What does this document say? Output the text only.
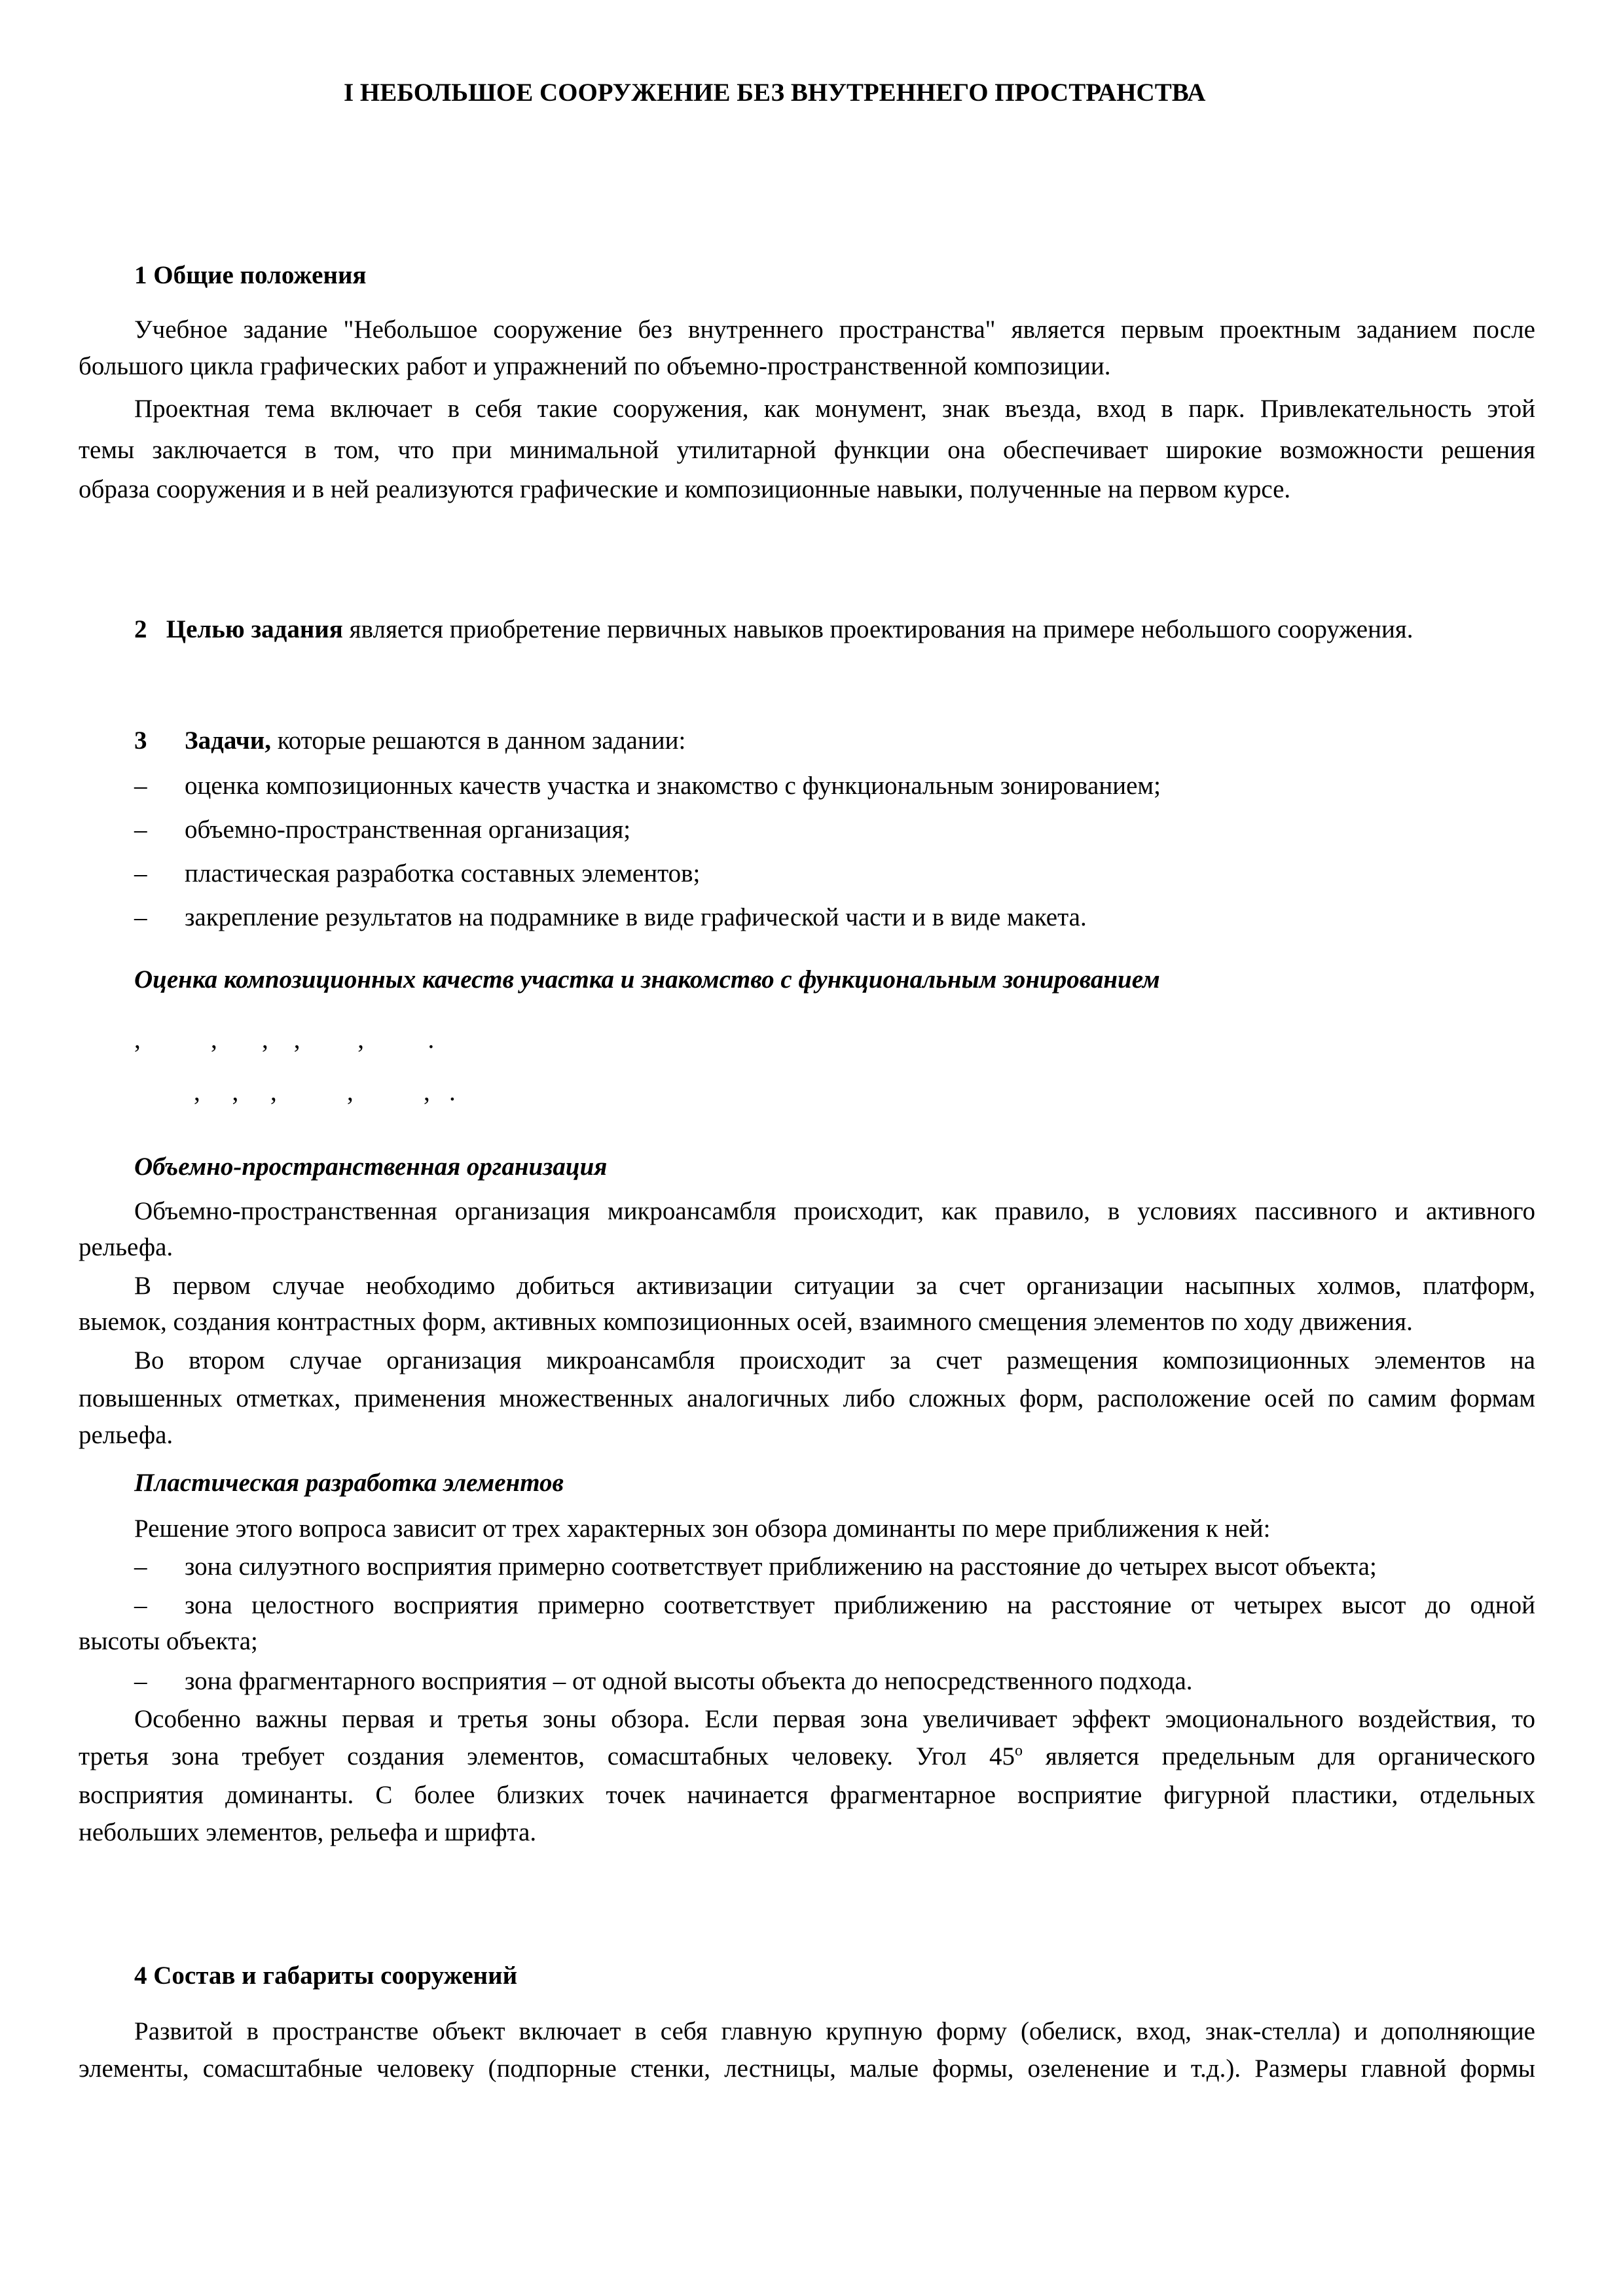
I НЕБОЛЬШОЕ СООРУЖЕНИЕ БЕЗ ВНУТРЕННЕГО ПРОСТРАНСТВА
1 Общие положения
Учебное задание "Небольшое сооружение без внутреннего пространства" является первым проектным заданием после
большого цикла графических работ и упражнений по объемно-пространственной композиции.
Проектная тема включает в себя такие сооружения, как монумент, знак въезда, вход в парк. Привлекательность этой
темы заключается в том, что при минимальной утилитарной функции она обеспечивает широкие возможности решения
образа сооружения и в ней реализуются графические и композиционные навыки, полученные на первом курсе.
2 Целью задания является приобретение первичных навыков проектирования на примере небольшого сооружения.
3 Задачи, которые решаются в данном задании:
– оценка композиционных качеств участка и знакомство с функциональным зонированием;
– объемно-пространственная организация;
– пластическая разработка составных элементов;
– закрепление результатов на подрамнике в виде графической части и в виде макета.
Оценка композиционных качеств участка и знакомство с функциональным зонированием
,           ,       ,    ,         ,          .
,     ,     ,           ,           ,   .
Объемно-пространственная организация
Объемно-пространственная организация микроансамбля происходит, как правило, в условиях пассивного и активного
рельефа.
В первом случае необходимо добиться активизации ситуации за счет организации насыпных холмов, платформ,
выемок, создания контрастных форм, активных композиционных осей, взаимного смещения элементов по ходу движения.
Во втором случае организация микроансамбля происходит за счет размещения композиционных элементов на
повышенных отметках, применения множественных аналогичных либо сложных форм, расположение осей по самим формам
рельефа.
Пластическая разработка элементов
Решение этого вопроса зависит от трех характерных зон обзора доминанты по мере приближения к ней:
– зона силуэтного восприятия примерно соответствует приближению на расстояние до четырех высот объекта;
– зона целостного восприятия примерно соответствует приближению на расстояние от четырех высот до одной
высоты объекта;
– зона фрагментарного восприятия – от одной высоты объекта до непосредственного подхода.
Особенно важны первая и третья зоны обзора. Если первая зона увеличивает эффект эмоционального воздействия, то
третья зона требует создания элементов, сомасштабных человеку. Угол $45^о$ является предельным для органического
восприятия доминанты. С более близких точек начинается фрагментарное восприятие фигурной пластики, отдельных
небольших элементов, рельефа и шрифта.
4 Состав и габариты сооружений
Развитой в пространстве объект включает в себя главную крупную форму (обелиск, вход, знак-стелла) и дополняющие
элементы, сомасштабные человеку (подпорные стенки, лестницы, малые формы, озеленение и т.д.). Размеры главной формы
